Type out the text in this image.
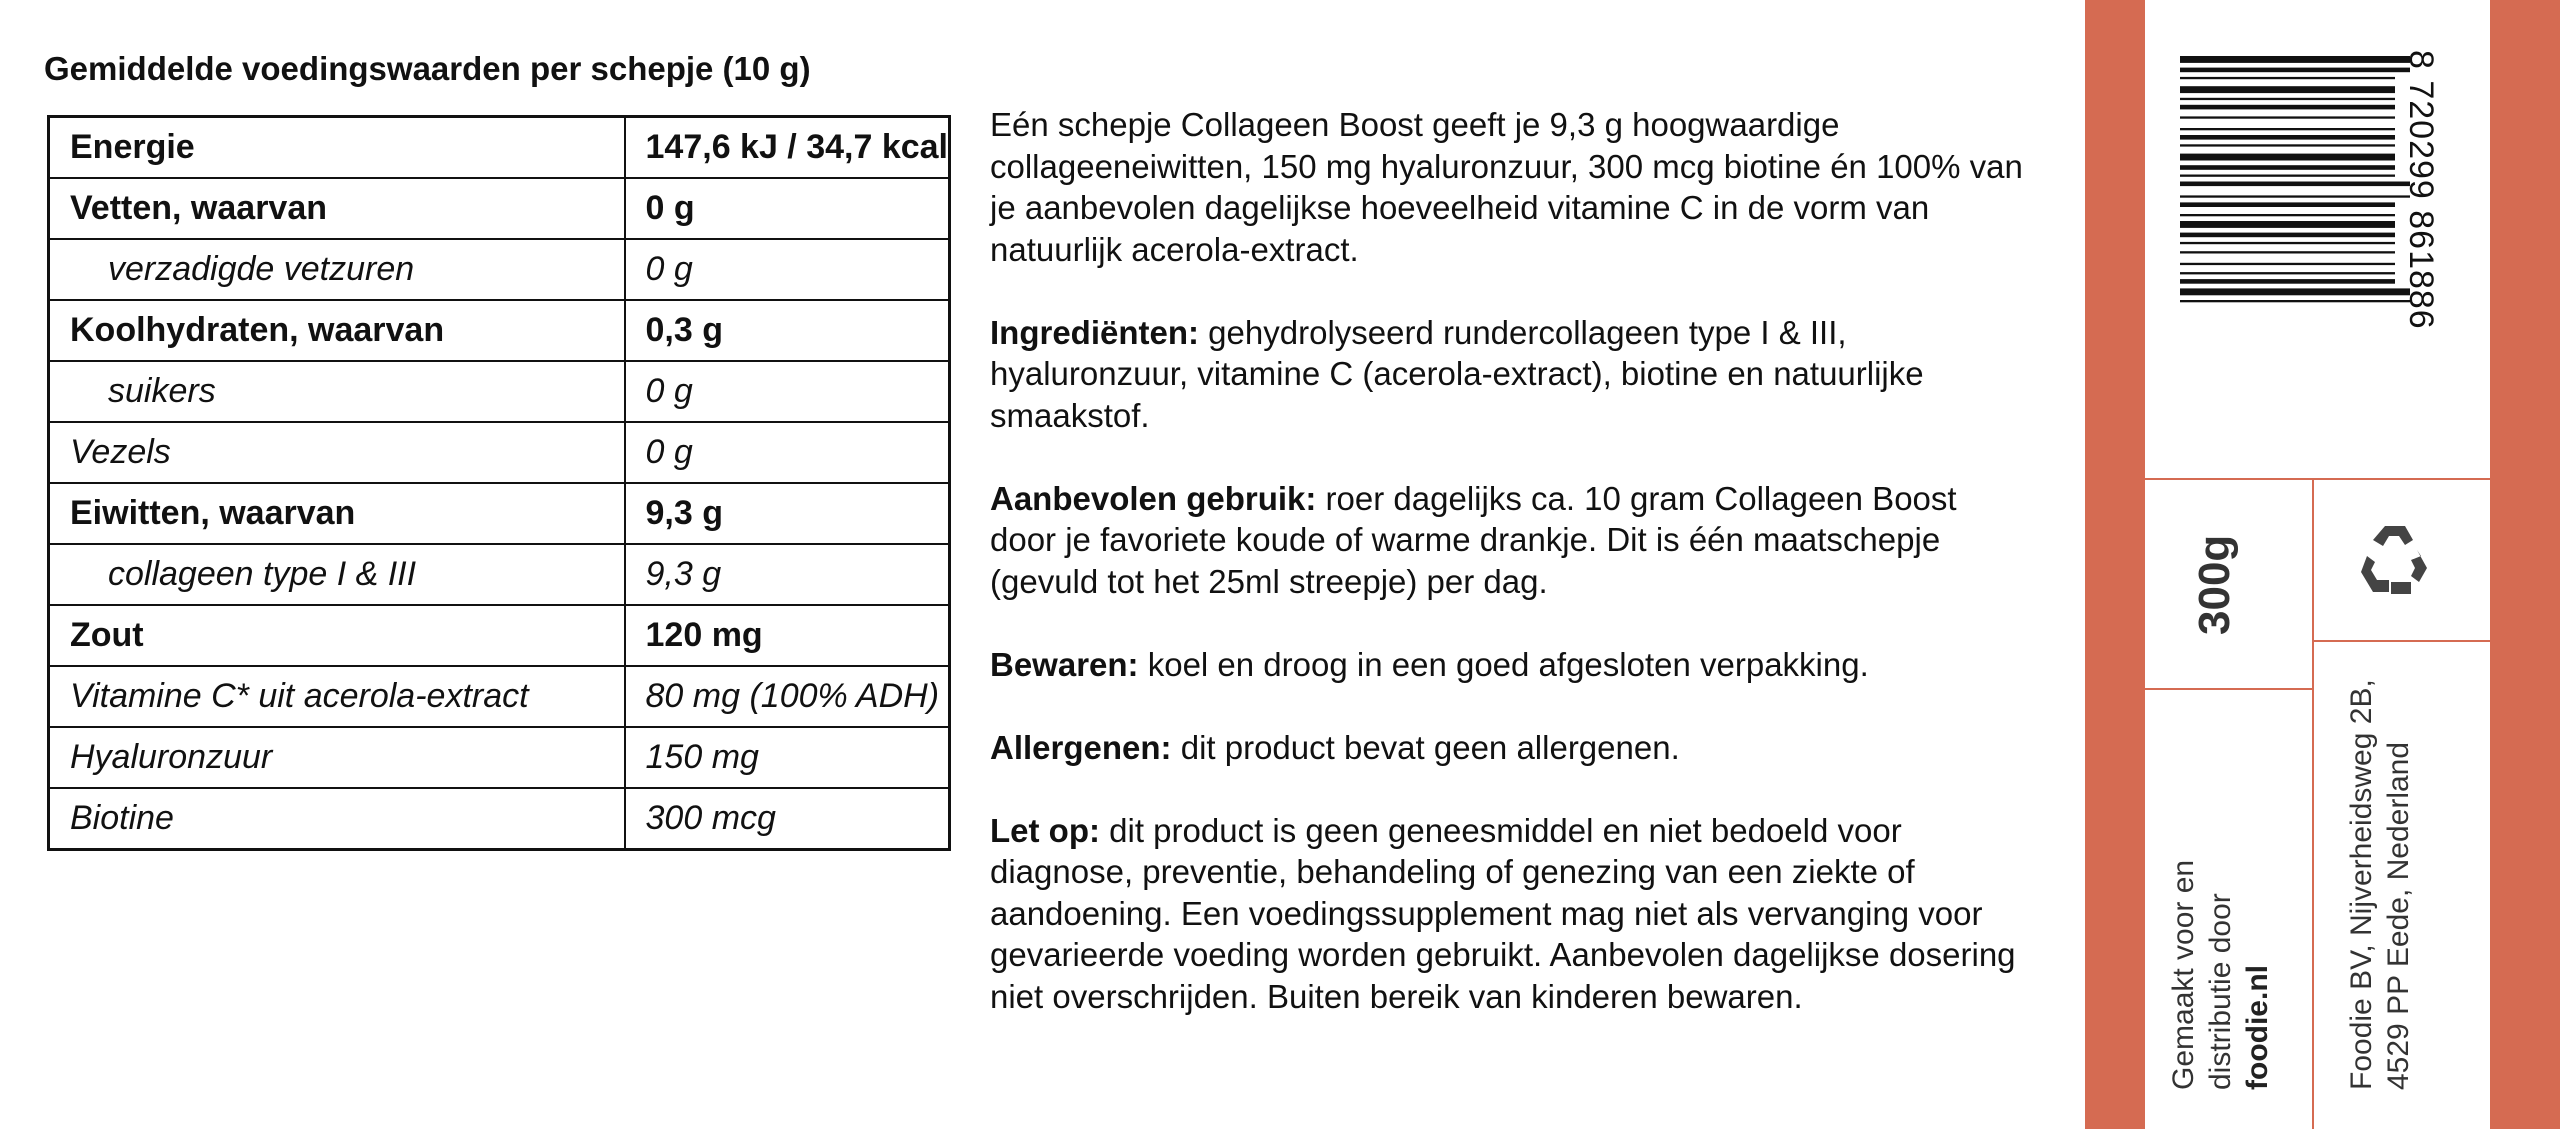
Gemiddelde voedingswaarden per schepje (10 g)
Energie	147,6 kJ / 34,7 kcal
Vetten, waarvan	0 g
verzadigde vetzuren	0 g
Koolhydraten, waarvan	0,3 g
suikers	0 g
Vezels	0 g
Eiwitten, waarvan	9,3 g
collageen type I & III	9,3 g
Zout	120 mg
Vitamine C* uit acerola-extract	80 mg (100% ADH)
Hyaluronzuur	150 mg
Biotine	300 mcg

Eén schepje Collageen Boost geeft je 9,3 g hoogwaardige collageeneiwitten, 150 mg hyaluronzuur, 300 mcg biotine én 100% van je aanbevolen dagelijkse hoeveelheid vitamine C in de vorm van natuurlijk acerola-extract.

Ingrediënten: gehydrolyseerd rundercollageen type I & III, hyaluronzuur, vitamine C (acerola-extract), biotine en natuurlijke smaakstof.

Aanbevolen gebruik: roer dagelijks ca. 10 gram Collageen Boost door je favoriete koude of warme drankje. Dit is één maatschepje (gevuld tot het 25ml streepje) per dag.

Bewaren: koel en droog in een goed afgesloten verpakking.

Allergenen: dit product bevat geen allergenen.

Let op: dit product is geen geneesmiddel en niet bedoeld voor diagnose, preventie, behandeling of genezing van een ziekte of aandoening. Een voedingssupplement mag niet als vervanging voor gevarieerde voeding worden gebruikt. Aanbevolen dagelijkse dosering niet overschrijden. Buiten bereik van kinderen bewaren.

8 720299 861886
300g
Gemaakt voor en distributie door foodie.nl	Foodie BV, Nijverheidsweg 2B, 4529 PP Eede, Nederland
